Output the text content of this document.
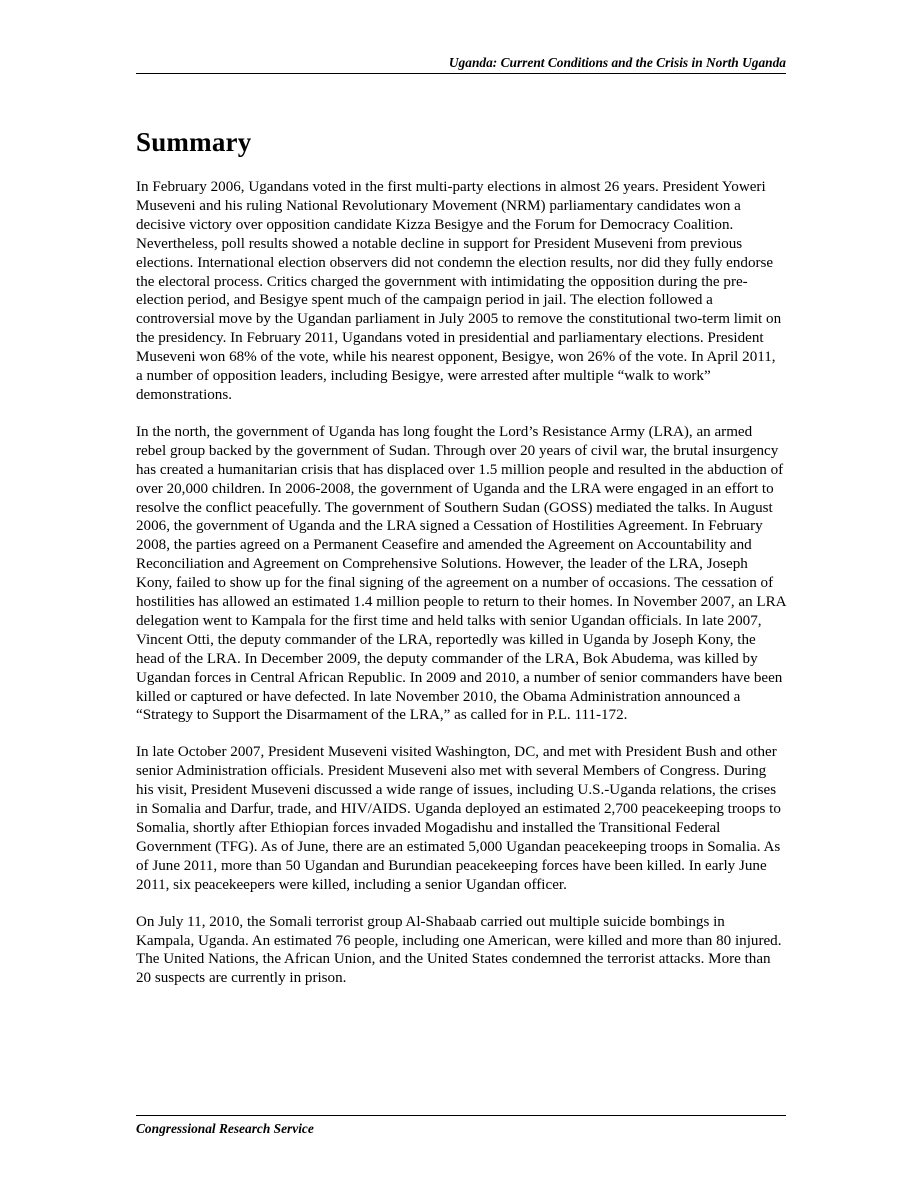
Uganda: Current Conditions and the Crisis in North Uganda
Summary

In February 2006, Ugandans voted in the first multi-party elections in almost 26 years. President Yoweri Museveni and his ruling National Revolutionary Movement (NRM) parliamentary candidates won a decisive victory over opposition candidate Kizza Besigye and the Forum for Democracy Coalition. Nevertheless, poll results showed a notable decline in support for President Museveni from previous elections. International election observers did not condemn the election results, nor did they fully endorse the electoral process. Critics charged the government with intimidating the opposition during the pre-election period, and Besigye spent much of the campaign period in jail. The election followed a controversial move by the Ugandan parliament in July 2005 to remove the constitutional two-term limit on the presidency. In February 2011, Ugandans voted in presidential and parliamentary elections. President Museveni won 68% of the vote, while his nearest opponent, Besigye, won 26% of the vote. In April 2011, a number of opposition leaders, including Besigye, were arrested after multiple “walk to work” demonstrations.

In the north, the government of Uganda has long fought the Lord’s Resistance Army (LRA), an armed rebel group backed by the government of Sudan. Through over 20 years of civil war, the brutal insurgency has created a humanitarian crisis that has displaced over 1.5 million people and resulted in the abduction of over 20,000 children. In 2006-2008, the government of Uganda and the LRA were engaged in an effort to resolve the conflict peacefully. The government of Southern Sudan (GOSS) mediated the talks. In August 2006, the government of Uganda and the LRA signed a Cessation of Hostilities Agreement. In February 2008, the parties agreed on a Permanent Ceasefire and amended the Agreement on Accountability and Reconciliation and Agreement on Comprehensive Solutions. However, the leader of the LRA, Joseph Kony, failed to show up for the final signing of the agreement on a number of occasions. The cessation of hostilities has allowed an estimated 1.4 million people to return to their homes. In November 2007, an LRA delegation went to Kampala for the first time and held talks with senior Ugandan officials. In late 2007, Vincent Otti, the deputy commander of the LRA, reportedly was killed in Uganda by Joseph Kony, the head of the LRA. In December 2009, the deputy commander of the LRA, Bok Abudema, was killed by Ugandan forces in Central African Republic. In 2009 and 2010, a number of senior commanders have been killed or captured or have defected. In late November 2010, the Obama Administration announced a “Strategy to Support the Disarmament of the LRA,” as called for in P.L. 111-172.

In late October 2007, President Museveni visited Washington, DC, and met with President Bush and other senior Administration officials. President Museveni also met with several Members of Congress. During his visit, President Museveni discussed a wide range of issues, including U.S.-Uganda relations, the crises in Somalia and Darfur, trade, and HIV/AIDS. Uganda deployed an estimated 2,700 peacekeeping troops to Somalia, shortly after Ethiopian forces invaded Mogadishu and installed the Transitional Federal Government (TFG). As of June, there are an estimated 5,000 Ugandan peacekeeping troops in Somalia. As of June 2011, more than 50 Ugandan and Burundian peacekeeping forces have been killed. In early June 2011, six peacekeepers were killed, including a senior Ugandan officer.

On July 11, 2010, the Somali terrorist group Al-Shabaab carried out multiple suicide bombings in Kampala, Uganda. An estimated 76 people, including one American, were killed and more than 80 injured. The United Nations, the African Union, and the United States condemned the terrorist attacks. More than 20 suspects are currently in prison.

Congressional Research Service
